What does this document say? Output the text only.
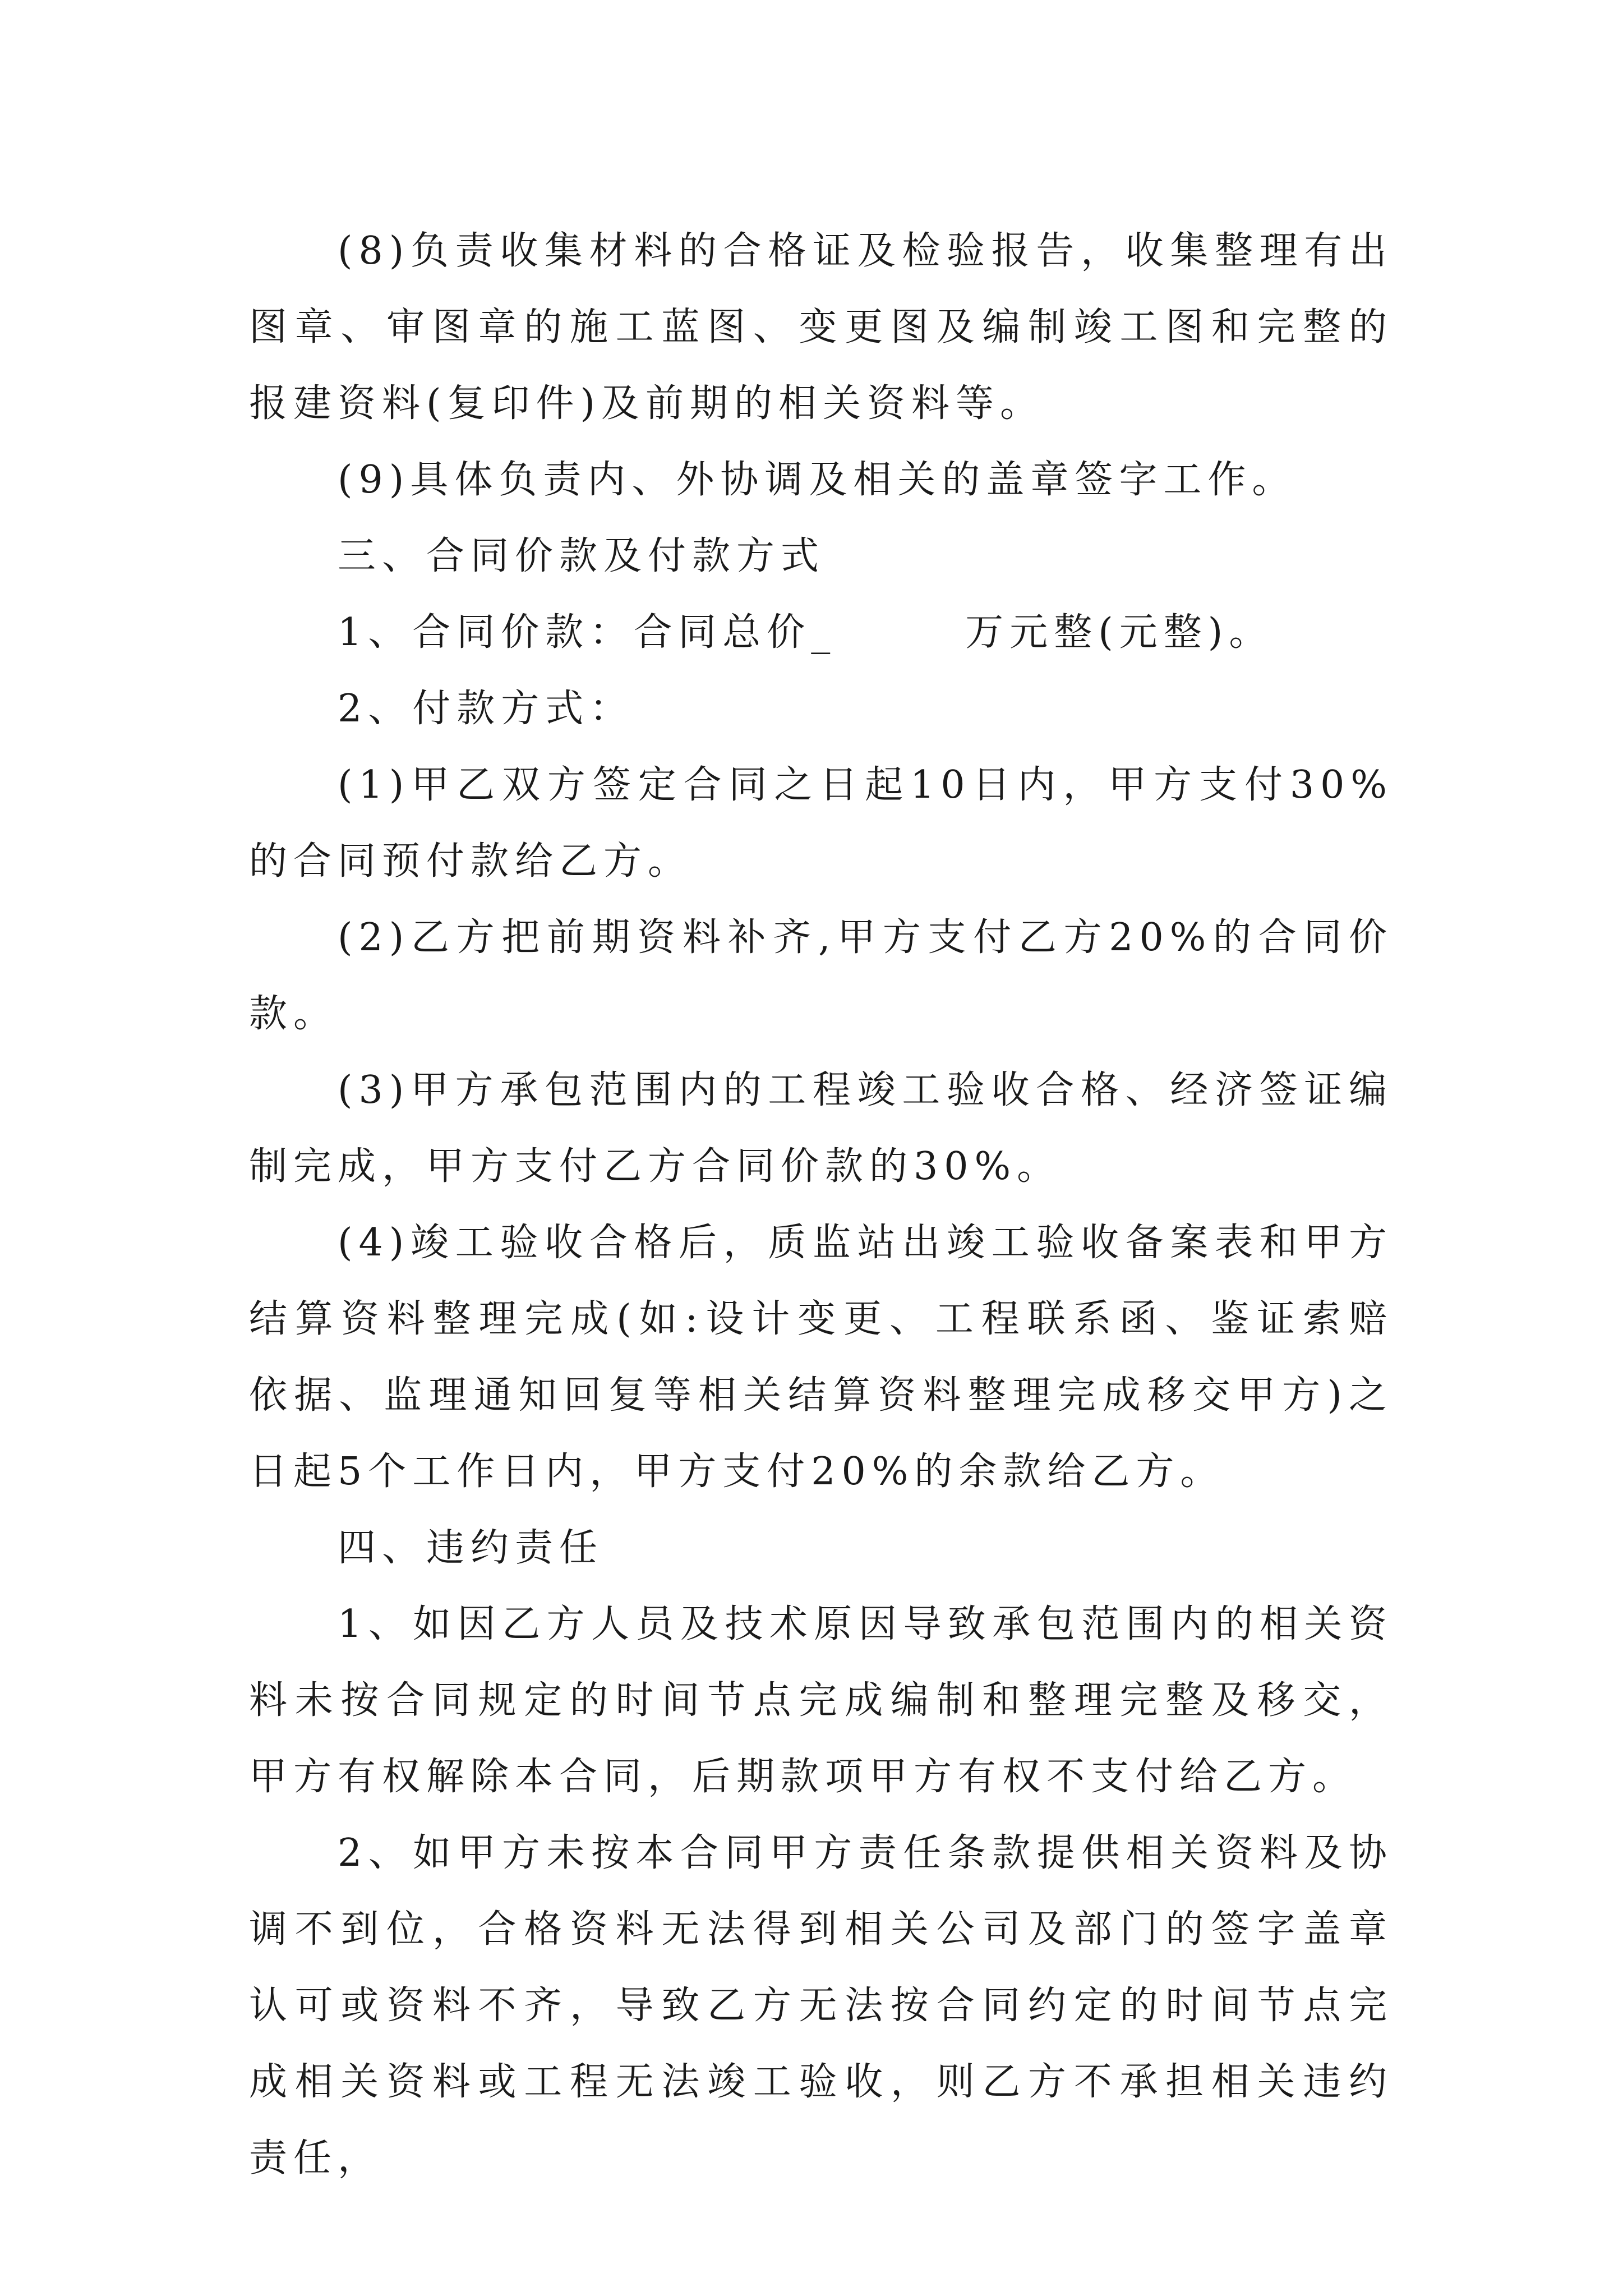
(8)负责收集材料的合格证及检验报告，收集整理有出图章、审图章的施工蓝图、变更图及编制竣工图和完整的报建资料(复印件)及前期的相关资料等。

(9)具体负责内、外协调及相关的盖章签字工作。

三、合同价款及付款方式

1、合同价款：合同总价_	万元整(元整)。

2、付款方式：

(1)甲乙双方签定合同之日起10日内，甲方支付30%的合同预付款给乙方。

(2)乙方把前期资料补齐,甲方支付乙方20%的合同价款。

(3)甲方承包范围内的工程竣工验收合格、经济签证编制完成，甲方支付乙方合同价款的30%。

(4)竣工验收合格后，质监站出竣工验收备案表和甲方结算资料整理完成(如:设计变更、工程联系函、鉴证索赔依据、监理通知回复等相关结算资料整理完成移交甲方)之日起5个工作日内，甲方支付20%的余款给乙方。

四、违约责任

1、如因乙方人员及技术原因导致承包范围内的相关资料未按合同规定的时间节点完成编制和整理完整及移交，甲方有权解除本合同，后期款项甲方有权不支付给乙方。

2、如甲方未按本合同甲方责任条款提供相关资料及协调不到位，合格资料无法得到相关公司及部门的签字盖章认可或资料不齐，导致乙方无法按合同约定的时间节点完成相关资料或工程无法竣工验收，则乙方不承担相关违约责任，
